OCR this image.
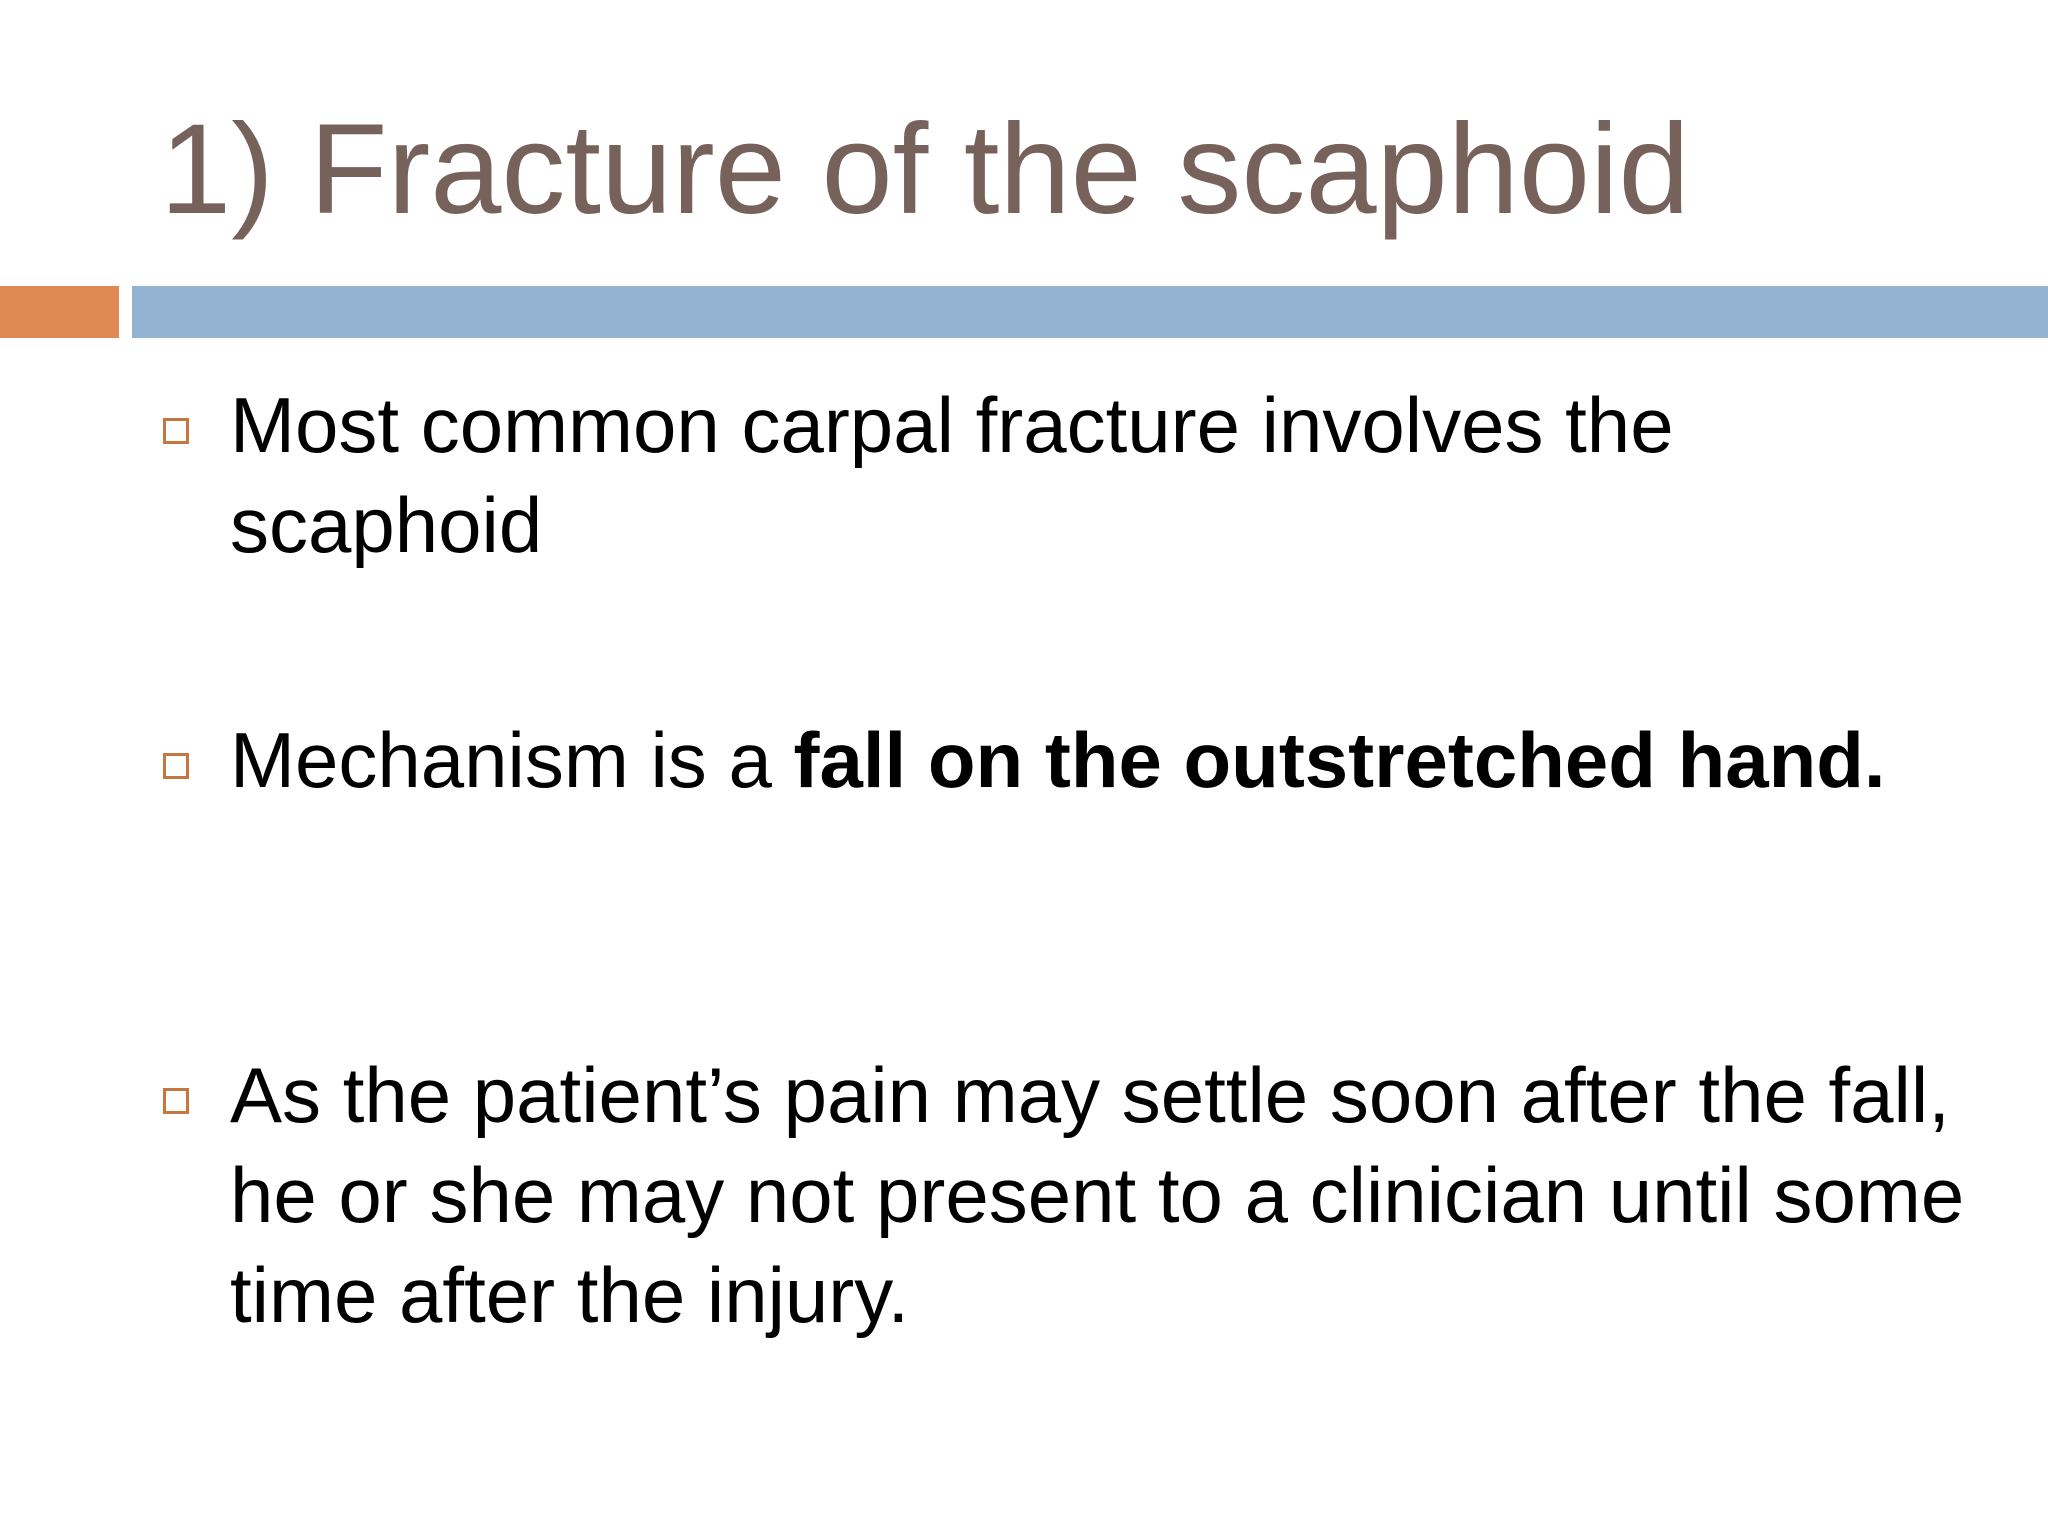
1) Fracture of the scaphoid

Most common carpal fracture involves the scaphoid

Mechanism is a fall on the outstretched hand.

As the patient’s pain may settle soon after the fall, he or she may not present to a clinician until some time after the injury.
